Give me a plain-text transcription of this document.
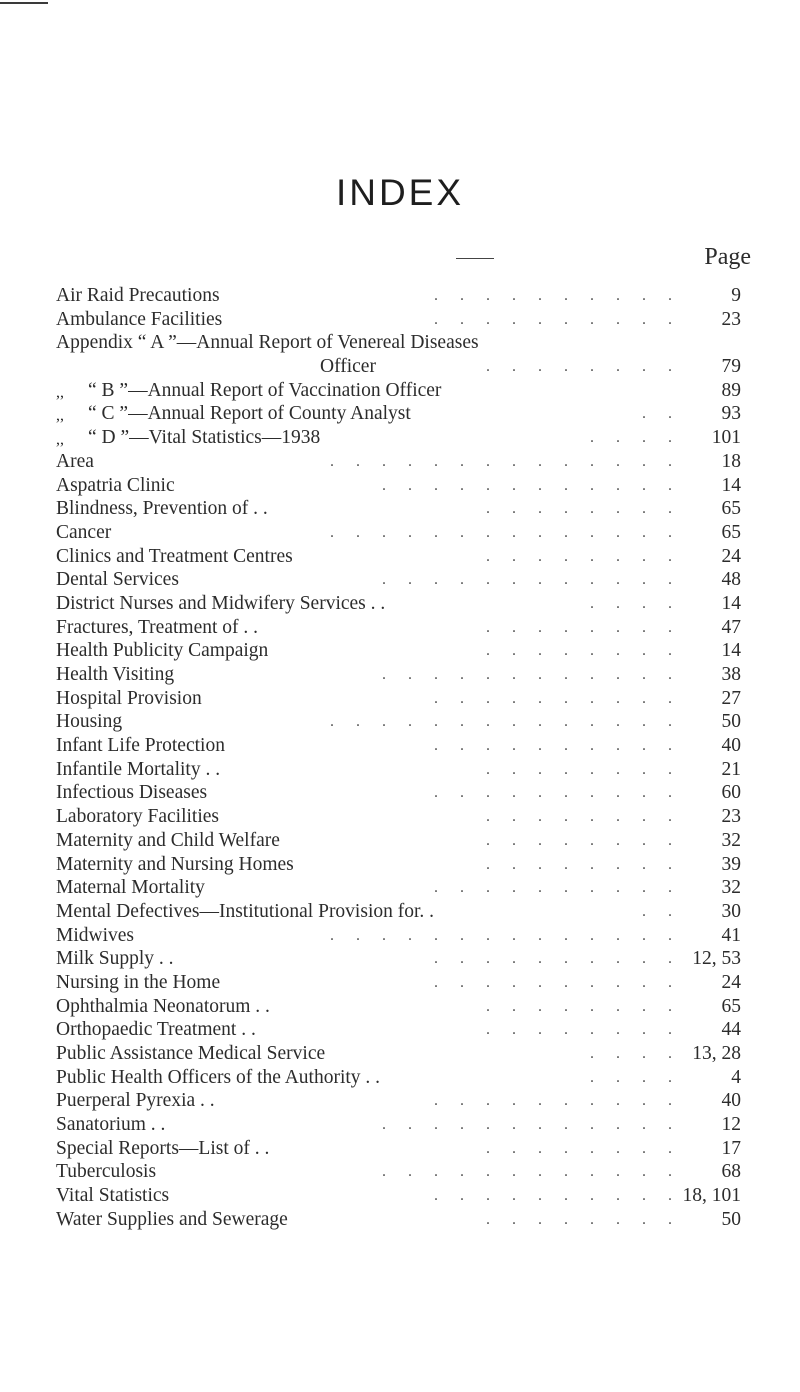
INDEX
Page
Air Raid Precautions	. . . . . . . . . .	9
Ambulance Facilities	. . . . . . . . . . 23
Appendix “ A ”—Annual Report of Venereal Diseases
Officer	. . . . . . . . 79
,, “ B ”—Annual Report of Vaccination Officer	89
,, “ C ”—Annual Report of County Analyst	. . 93
,, “ D ”—Vital Statistics—1938	. . . . 101
Area	. . . . . . . . . . . . . . 18
Aspatria Clinic	. . . . . . . . . . . . 14
Blindness, Prevention of . .	. . . . . . . . 65
Cancer	. . . . . . . . . . . . . . 65
Clinics and Treatment Centres	. . . . . . . . 24
Dental Services	. . . . . . . . . . . . 48
District Nurses and Midwifery Services . .	. . . . 14
Fractures, Treatment of . .	. . . . . . . . 47
Health Publicity Campaign	. . . . . . . . 14
Health Visiting	. . . . . . . . . . . . 38
Hospital Provision	. . . . . . . . . . 27
Housing	. . . . . . . . . . . . . . 50
Infant Life Protection	. . . . . . . . . . 40
Infantile Mortality . .	. . . . . . . . 21
Infectious Diseases	. . . . . . . . . . 60
Laboratory Facilities	. . . . . . . . 23
Maternity and Child Welfare	. . . . . . . . 32
Maternity and Nursing Homes	. . . . . . . . 39
Maternal Mortality	. . . . . . . . . . 32
Mental Defectives—Institutional Provision for. .	. . 30
Midwives	. . . . . . . . . . . . . . 41
Milk Supply . .	. . . . . . . . . . 12, 53
Nursing in the Home	. . . . . . . . . . 24
Ophthalmia Neonatorum . .	. . . . . . . . 65
Orthopaedic Treatment . .	. . . . . . . . 44
Public Assistance Medical Service	. . . . 13, 28
Public Health Officers of the Authority . .	. . . .	4
Puerperal Pyrexia . .	. . . . . . . . . . 40
Sanatorium . .	. . . . . . . . . . . . 12
Special Reports—List of . .	. . . . . . . . 17
Tuberculosis	. . . . . . . . . . . . 68
Vital Statistics	. . . . . . . . . . 18, 101
Water Supplies and Sewerage	. . . . . . . . 50
